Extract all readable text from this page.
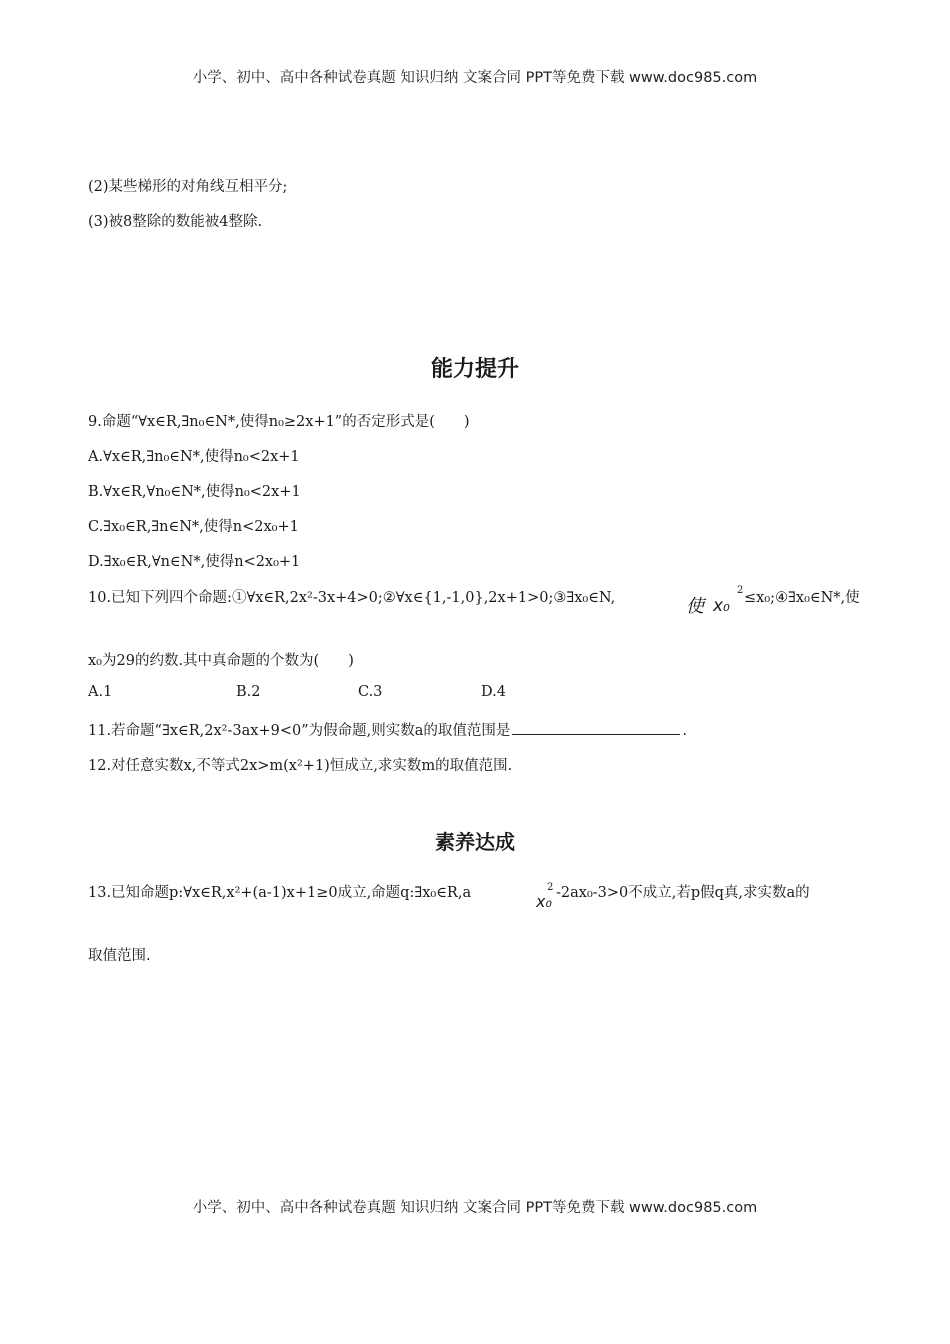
小学、初中、高中各种试卷真题 知识归纳 文案合同 PPT等免费下载 www.doc985.com
(2)某些梯形的对角线互相平分;
(3)被8整除的数能被4整除.
能力提升
9.命题“∀x∈R,∃n₀∈N*,使得n₀≥2x+1”的否定形式是(　　)
A.∀x∈R,∃n₀∈N*,使得n₀<2x+1
B.∀x∈R,∀n₀∈N*,使得n₀<2x+1
C.∃x₀∈R,∃n∈N*,使得n<2x₀+1
D.∃x₀∈R,∀n∈N*,使得n<2x₀+1
10.已知下列四个命题:①∀x∈R,2x²-3x+4>0;②∀x∈{1,-1,0},2x+1>0;③∃x₀∈N,	使 x₀
2 ≤x₀;④∃x₀∈N*,使
x₀为29的约数.其中真命题的个数为(　　)
A.1	B.2	C.3	D.4
11.若命题“∃x∈R,2x²-3ax+9<0”为假命题,则实数a的取值范围是	.
12.对任意实数x,不等式2x>m(x²+1)恒成立,求实数m的取值范围.
素养达成
13.已知命题p:∀x∈R,x²+(a-1)x+1≥0成立,命题q:∃x₀∈R,a	x₀
2 -2ax₀-3>0不成立,若p假q真,求实数a的
取值范围.
小学、初中、高中各种试卷真题 知识归纳 文案合同 PPT等免费下载 www.doc985.com
